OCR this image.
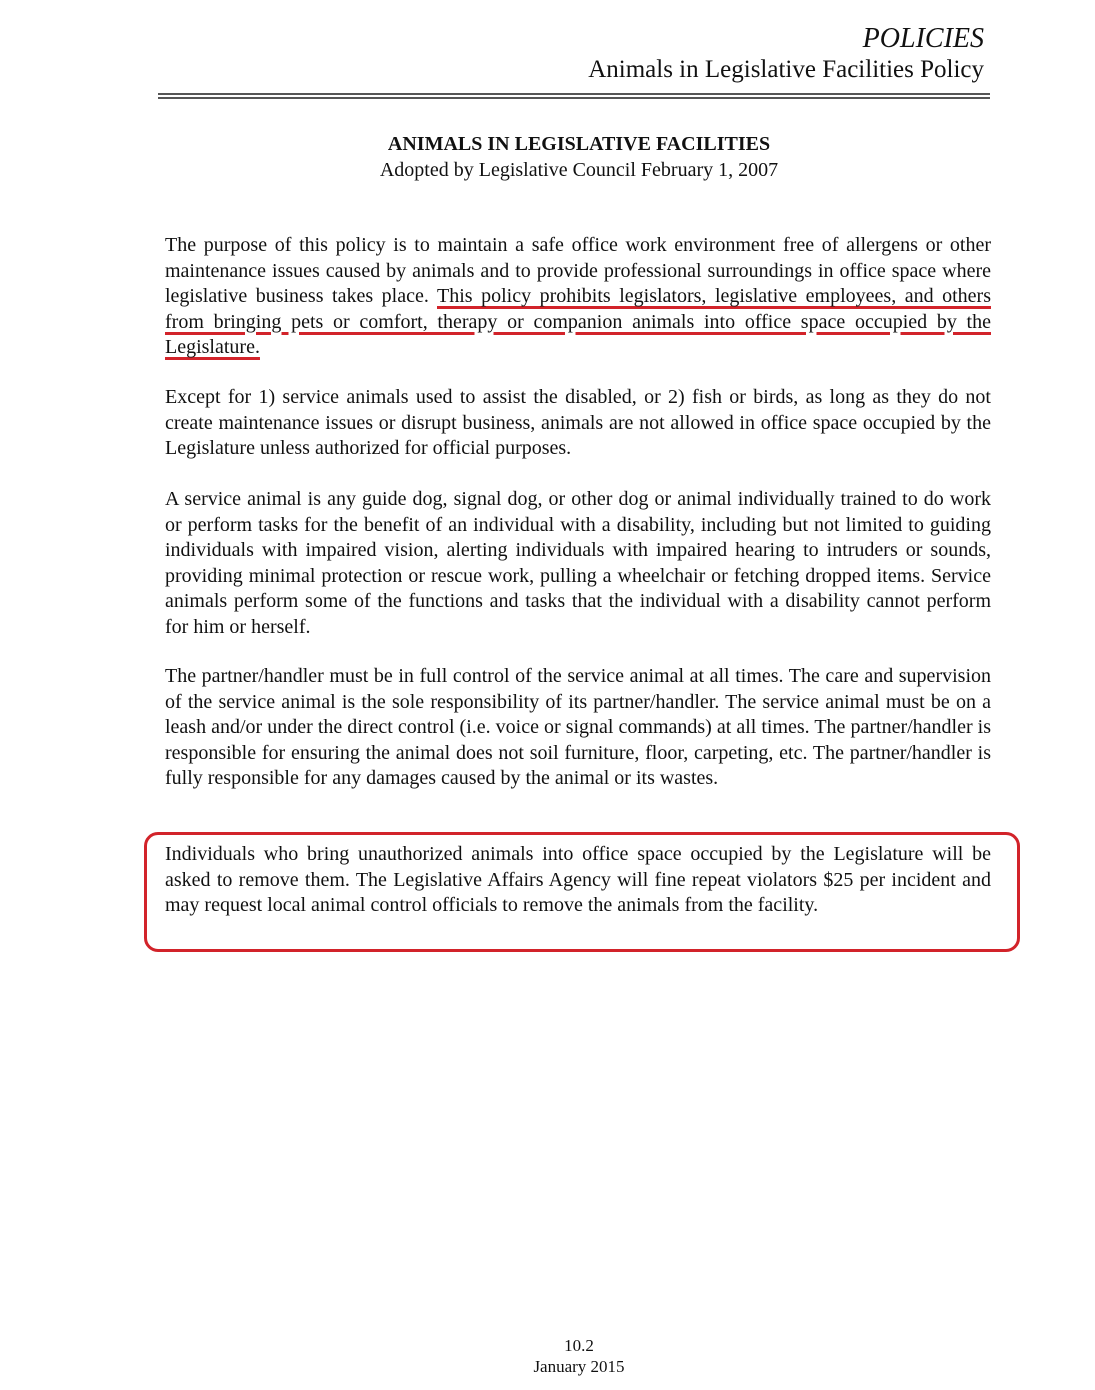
POLICIES
Animals in Legislative Facilities Policy
ANIMALS IN LEGISLATIVE FACILITIES
Adopted by Legislative Council February 1, 2007

The purpose of this policy is to maintain a safe office work environment free of allergens or other maintenance issues caused by animals and to provide professional surroundings in office space where legislative business takes place. This policy prohibits legislators, legislative employees, and others from bringing pets or comfort, therapy or companion animals into office space occupied by the Legislature.

Except for 1) service animals used to assist the disabled, or 2) fish or birds, as long as they do not create maintenance issues or disrupt business, animals are not allowed in office space occupied by the Legislature unless authorized for official purposes.

A service animal is any guide dog, signal dog, or other dog or animal individually trained to do work or perform tasks for the benefit of an individual with a disability, including but not limited to guiding individuals with impaired vision, alerting individuals with impaired hearing to intruders or sounds, providing minimal protection or rescue work, pulling a wheelchair or fetching dropped items. Service animals perform some of the functions and tasks that the individual with a disability cannot perform for him or herself.

The partner/handler must be in full control of the service animal at all times. The care and supervision of the service animal is the sole responsibility of its partner/handler. The service animal must be on a leash and/or under the direct control (i.e. voice or signal commands) at all times. The partner/handler is responsible for ensuring the animal does not soil furniture, floor, carpeting, etc. The partner/handler is fully responsible for any damages caused by the animal or its wastes.

Individuals who bring unauthorized animals into office space occupied by the Legislature will be asked to remove them. The Legislative Affairs Agency will fine repeat violators $25 per incident and may request local animal control officials to remove the animals from the facility.

10.2
January 2015
